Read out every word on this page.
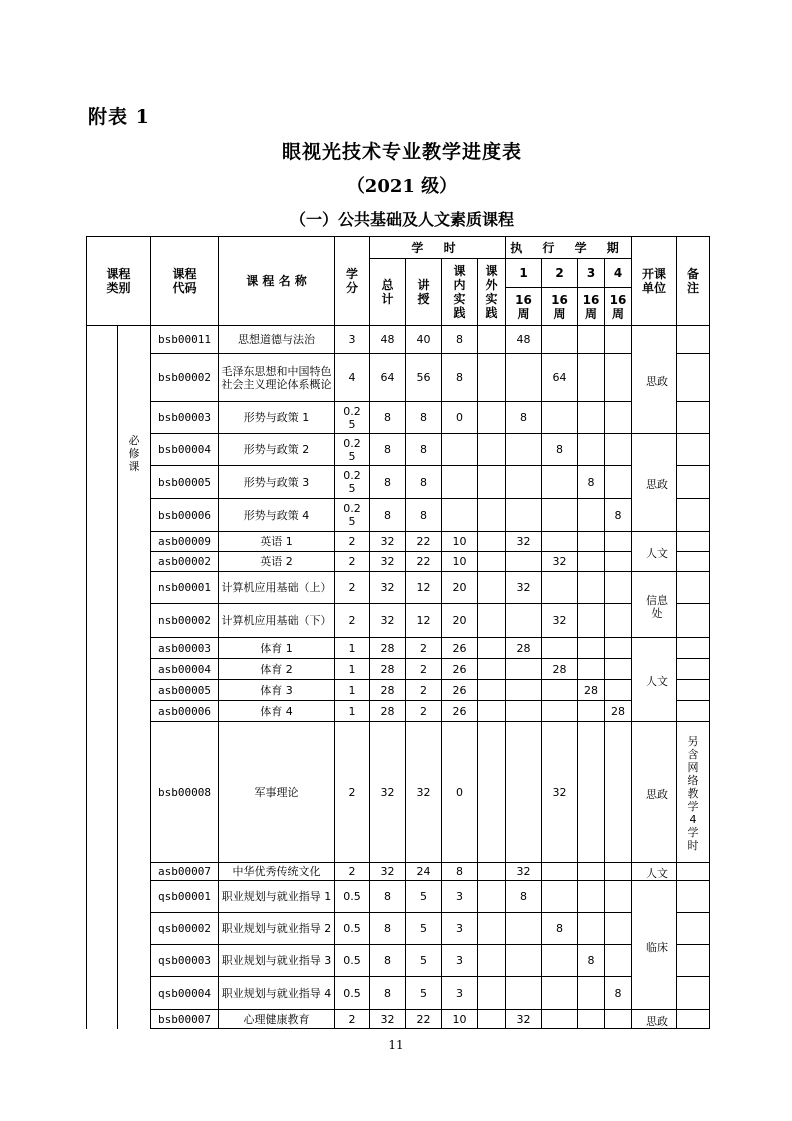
附表 1
眼视光技术专业教学进度表
（2021 级）
（一）公共基础及人文素质课程
课程类别		课程代码	课 程 名 称	学分	学 时				执 行 学 期				开课单位	备注
					总计	讲授	课内实践	课外实践	1	2	3	4		
									16周	16周	16周	16周		
	必修课	bsb00011	思想道德与法治	3	48	40	8		48				思政	
		bsb00002	毛泽东思想和中国特色社会主义理论体系概论	4	64	56	8			64				
		bsb00003	形势与政策 1	0.25	8	8	0		8					
		bsb00004	形势与政策 2	0.25	8	8				8			思政	
		bsb00005	形势与政策 3	0.25	8	8					8			
		bsb00006	形势与政策 4	0.25	8	8						8		
		asb00009	英语 1	2	32	22	10		32				人文	
		asb00002	英语 2	2	32	22	10			32				
		nsb00001	计算机应用基础（上）	2	32	12	20		32				信息处	
		nsb00002	计算机应用基础（下）	2	32	12	20			32				
		asb00003	体育 1	1	28	2	26		28				人文	
		asb00004	体育 2	1	28	2	26			28				
		asb00005	体育 3	1	28	2	26				28			
		asb00006	体育 4	1	28	2	26					28		
		bsb00008	军事理论	2	32	32	0			32			思政	另含网络教学4学时
		asb00007	中华优秀传统文化	2	32	24	8		32				人文	
		qsb00001	职业规划与就业指导 1	0.5	8	5	3		8				临床	
		qsb00002	职业规划与就业指导 2	0.5	8	5	3			8				
		qsb00003	职业规划与就业指导 3	0.5	8	5	3				8			
		qsb00004	职业规划与就业指导 4	0.5	8	5	3					8		
		bsb00007	心理健康教育	2	32	22	10		32				思政	
11
